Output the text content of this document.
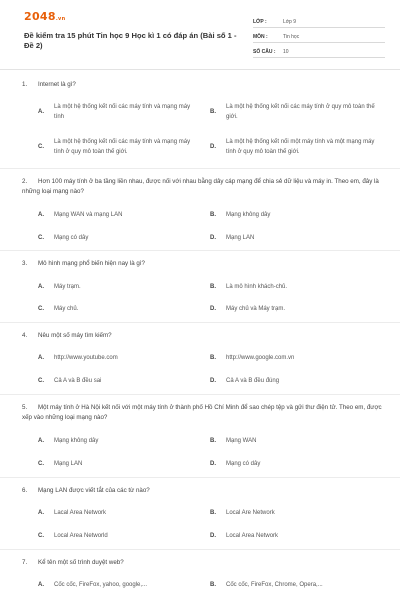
2048.vn
Đề kiểm tra 15 phút Tin học 9 Học kì 1 có đáp án (Bài số 1 - Đề 2)
LỚP :	Lớp 9
MÔN :	Tin học
SỐ CÂU :	10
1. Internet là gì?
A.
Là một hệ thống kết nối các máy tính và mạng máy tính
B.
Là một hệ thống kết nối các máy tính ở quy mô toàn thế giới.
C.
Là một hệ thống kết nối các máy tính và mạng máy tính ở quy mô toàn thế giới.
D.
Là một hệ thống kết nối một máy tính và một mạng máy tính ở quy mô toàn thế giới.
2. Hơn 100 máy tính ở ba tầng liền nhau, được nối với nhau bằng dây cáp mạng để chia sẻ dữ liệu và máy in. Theo em, đây là những loại mạng nào?
A.	Mạng WAN và mạng LAN	B.	Mạng không dây
C.	Mạng có dây	D.	Mạng LAN
3. Mô hình mạng phổ biến hiện nay là gì?
A.	Máy trạm.	B.	Là mô hình khách-chủ.
C.	Máy chủ.	D.	Máy chủ và Máy trạm.
4. Nêu một số máy tìm kiếm?
A.	http://www.youtube.com	B.	http://www.google.com.vn
C.	Cả A và B đều sai	D.	Cả A và B đều đúng
5. Một máy tính ở Hà Nội kết nối với một máy tính ở thành phố Hồ Chí Minh để sao chép tệp và gửi thư điện tử. Theo em, được xếp vào những loại mạng nào?
A.	Mạng không dây	B.	Mạng WAN
C.	Mạng LAN	D.	Mạng có dây
6. Mạng LAN được viết tắt của các từ nào?
A.	Lacal Area Network	B.	Local Are Network
C.	Local Area Networld	D.	Local Area Network
7. Kể tên một số trình duyệt web?
A.	Cốc cốc, FireFox, yahoo, google,...	B.	Cốc cốc, FireFox, Chrome, Opera,...
